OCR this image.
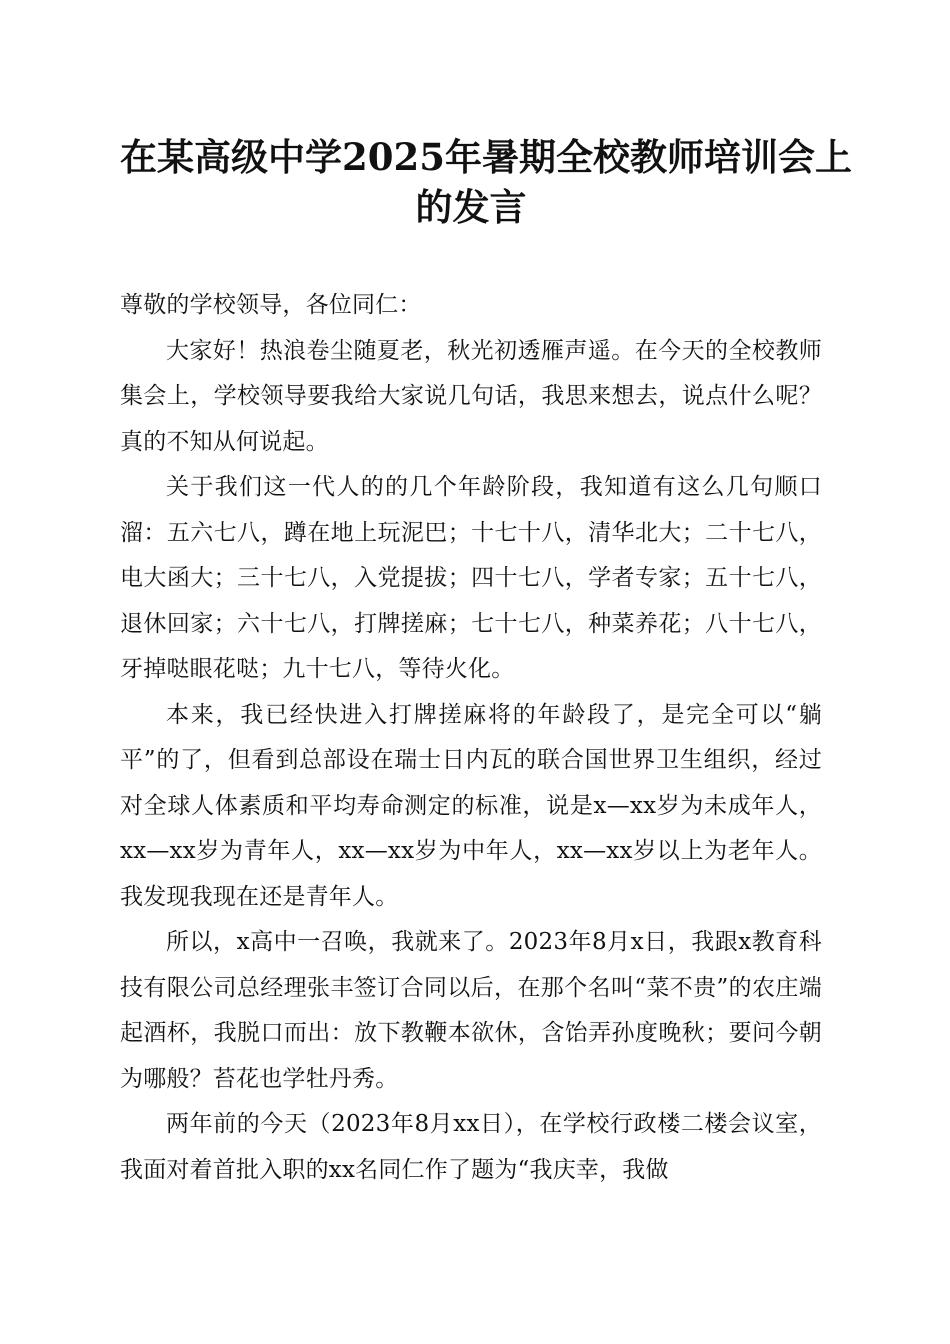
在某高级中学2025年暑期全校教师培训会上
的发言

尊敬的学校领导，各位同仁：

大家好！热浪卷尘随夏老，秋光初透雁声遥。在今天的全校教师集会上，学校领导要我给大家说几句话，我思来想去，说点什么呢？真的不知从何说起。

关于我们这一代人的的几个年龄阶段，我知道有这么几句顺口溜：五六七八，蹲在地上玩泥巴；十七十八，清华北大；二十七八，电大函大；三十七八，入党提拔；四十七八，学者专家；五十七八，退休回家；六十七八，打牌搓麻；七十七八，种菜养花；八十七八，牙掉哒眼花哒；九十七八，等待火化。

本来，我已经快进入打牌搓麻将的年龄段了，是完全可以“躺平”的了，但看到总部设在瑞士日内瓦的联合国世界卫生组织，经过对全球人体素质和平均寿命测定的标准，说是x—xx岁为未成年人，xx—xx岁为青年人，xx—xx岁为中年人，xx—xx岁以上为老年人。我发现我现在还是青年人。

所以，x高中一召唤，我就来了。2023年8月x日，我跟x教育科技有限公司总经理张丰签订合同以后，在那个名叫“菜不贵”的农庄端起酒杯，我脱口而出：放下教鞭本欲休，含饴弄孙度晚秋；要问今朝为哪般？苔花也学牡丹秀。

两年前的今天（2023年8月xx日），在学校行政楼二楼会议室，我面对着首批入职的xx名同仁作了题为“我庆幸，我做
